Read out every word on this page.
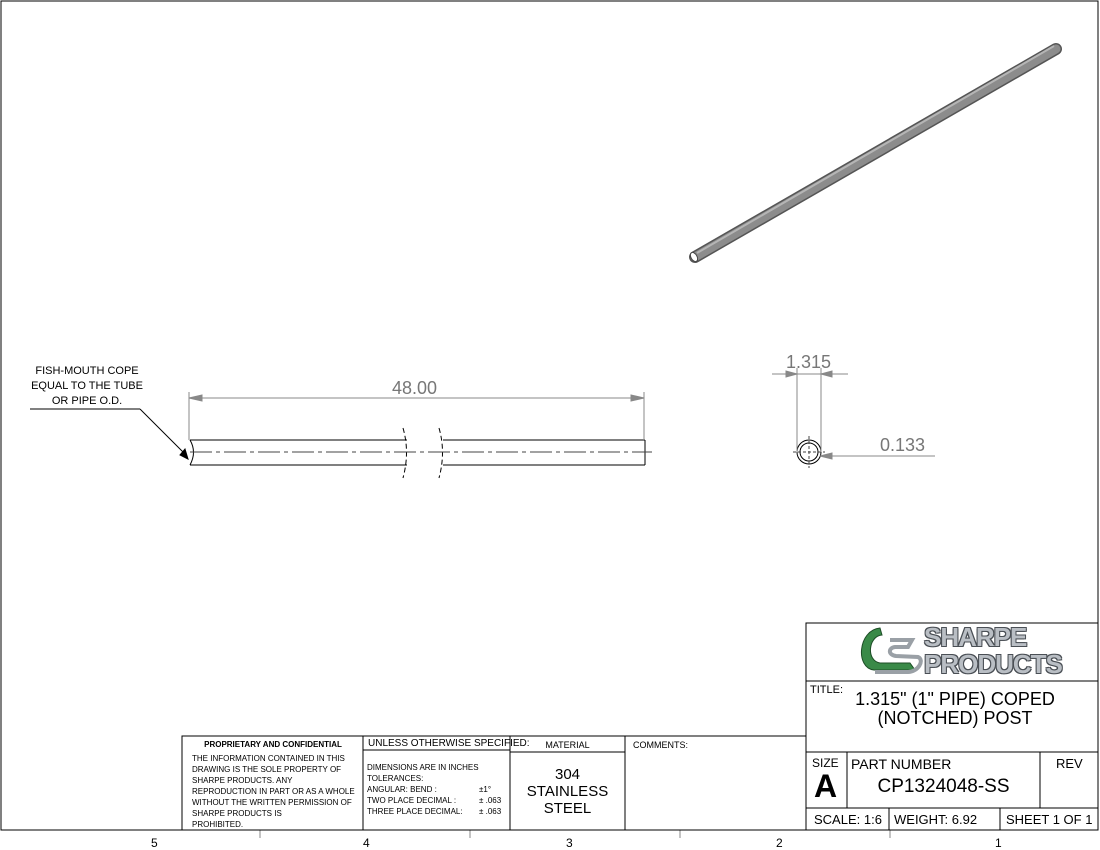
FISH-MOUTH COPE
EQUAL TO THE TUBE
OR PIPE O.D.
48.00
1.315
0.133
5	4	3	2	1
SHARPE
PRODUCTS
TITLE: 1.315" (1" PIPE) COPED
(NOTCHED) POST
SIZE
A
PART NUMBER
CP1324048-SS
REV
SCALE: 1:6 WEIGHT: 6.92 SHEET 1 OF 1
PROPRIETARY AND CONFIDENTIAL
THE INFORMATION CONTAINED IN THIS
DRAWING IS THE SOLE PROPERTY OF
SHARPE PRODUCTS. ANY
REPRODUCTION IN PART OR AS A WHOLE
WITHOUT THE WRITTEN PERMISSION OF
SHARPE PRODUCTS IS
PROHIBITED.
UNLESS OTHERWISE SPECIFIED:
DIMENSIONS ARE IN INCHES
TOLERANCES:
ANGULAR: BEND :	±1°
TWO PLACE DECIMAL :	± .063
THREE PLACE DECIMAL: ± .063
MATERIAL
304
STAINLESS
STEEL
COMMENTS:
